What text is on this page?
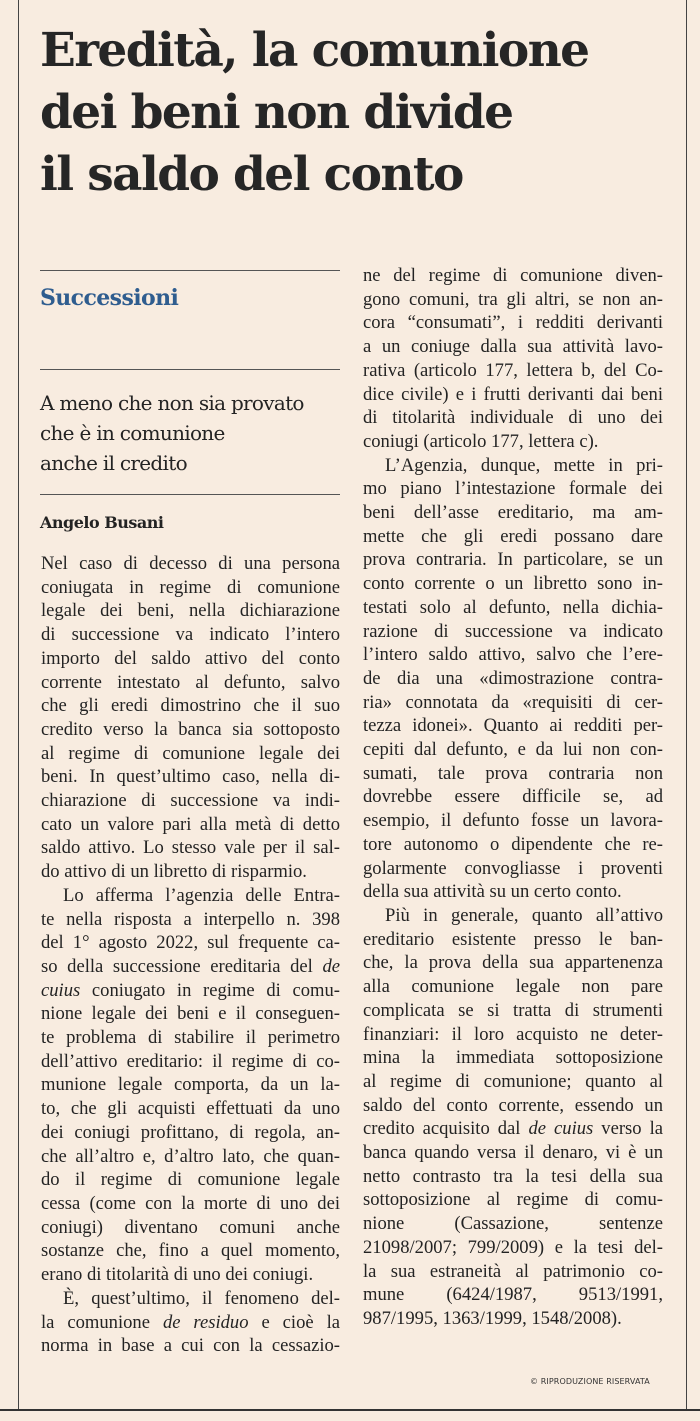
Eredità, la comunione
dei beni non divide
il saldo del conto
Successioni
A meno che non sia provato
che è in comunione
anche il credito
Angelo Busani
Nel caso di decesso di una persona
coniugata in regime di comunione
legale dei beni, nella dichiarazione
di successione va indicato l’intero
importo del saldo attivo del conto
corrente intestato al defunto, salvo
che gli eredi dimostrino che il suo
credito verso la banca sia sottoposto
al regime di comunione legale dei
beni. In quest’ultimo caso, nella di-
chiarazione di successione va indi-
cato un valore pari alla metà di detto
saldo attivo. Lo stesso vale per il sal-
do attivo di un libretto di risparmio.
Lo afferma l’agenzia delle Entra-
te nella risposta a interpello n. 398
del 1° agosto 2022, sul frequente ca-
so della successione ereditaria del de
cuius coniugato in regime di comu-
nione legale dei beni e il conseguen-
te problema di stabilire il perimetro
dell’attivo ereditario: il regime di co-
munione legale comporta, da un la-
to, che gli acquisti effettuati da uno
dei coniugi profittano, di regola, an-
che all’altro e, d’altro lato, che quan-
do il regime di comunione legale
cessa (come con la morte di uno dei
coniugi) diventano comuni anche
sostanze che, fino a quel momento,
erano di titolarità di uno dei coniugi.
È, quest’ultimo, il fenomeno del-
la comunione de residuo e cioè la
norma in base a cui con la cessazio-
ne del regime di comunione diven-
gono comuni, tra gli altri, se non an-
cora “consumati”, i redditi derivanti
a un coniuge dalla sua attività lavo-
rativa (articolo 177, lettera b, del Co-
dice civile) e i frutti derivanti dai beni
di titolarità individuale di uno dei
coniugi (articolo 177, lettera c).
L’Agenzia, dunque, mette in pri-
mo piano l’intestazione formale dei
beni dell’asse ereditario, ma am-
mette che gli eredi possano dare
prova contraria. In particolare, se un
conto corrente o un libretto sono in-
testati solo al defunto, nella dichia-
razione di successione va indicato
l’intero saldo attivo, salvo che l’ere-
de dia una «dimostrazione contra-
ria» connotata da «requisiti di cer-
tezza idonei». Quanto ai redditi per-
cepiti dal defunto, e da lui non con-
sumati, tale prova contraria non
dovrebbe essere difficile se, ad
esempio, il defunto fosse un lavora-
tore autonomo o dipendente che re-
golarmente convogliasse i proventi
della sua attività su un certo conto.
Più in generale, quanto all’attivo
ereditario esistente presso le ban-
che, la prova della sua appartenenza
alla comunione legale non pare
complicata se si tratta di strumenti
finanziari: il loro acquisto ne deter-
mina la immediata sottoposizione
al regime di comunione; quanto al
saldo del conto corrente, essendo un
credito acquisito dal de cuius verso la
banca quando versa il denaro, vi è un
netto contrasto tra la tesi della sua
sottoposizione al regime di comu-
nione (Cassazione, sentenze
21098/2007; 799/2009) e la tesi del-
la sua estraneità al patrimonio co-
mune (6424/1987, 9513/1991,
987/1995, 1363/1999, 1548/2008).
© RIPRODUZIONE RISERVATA
